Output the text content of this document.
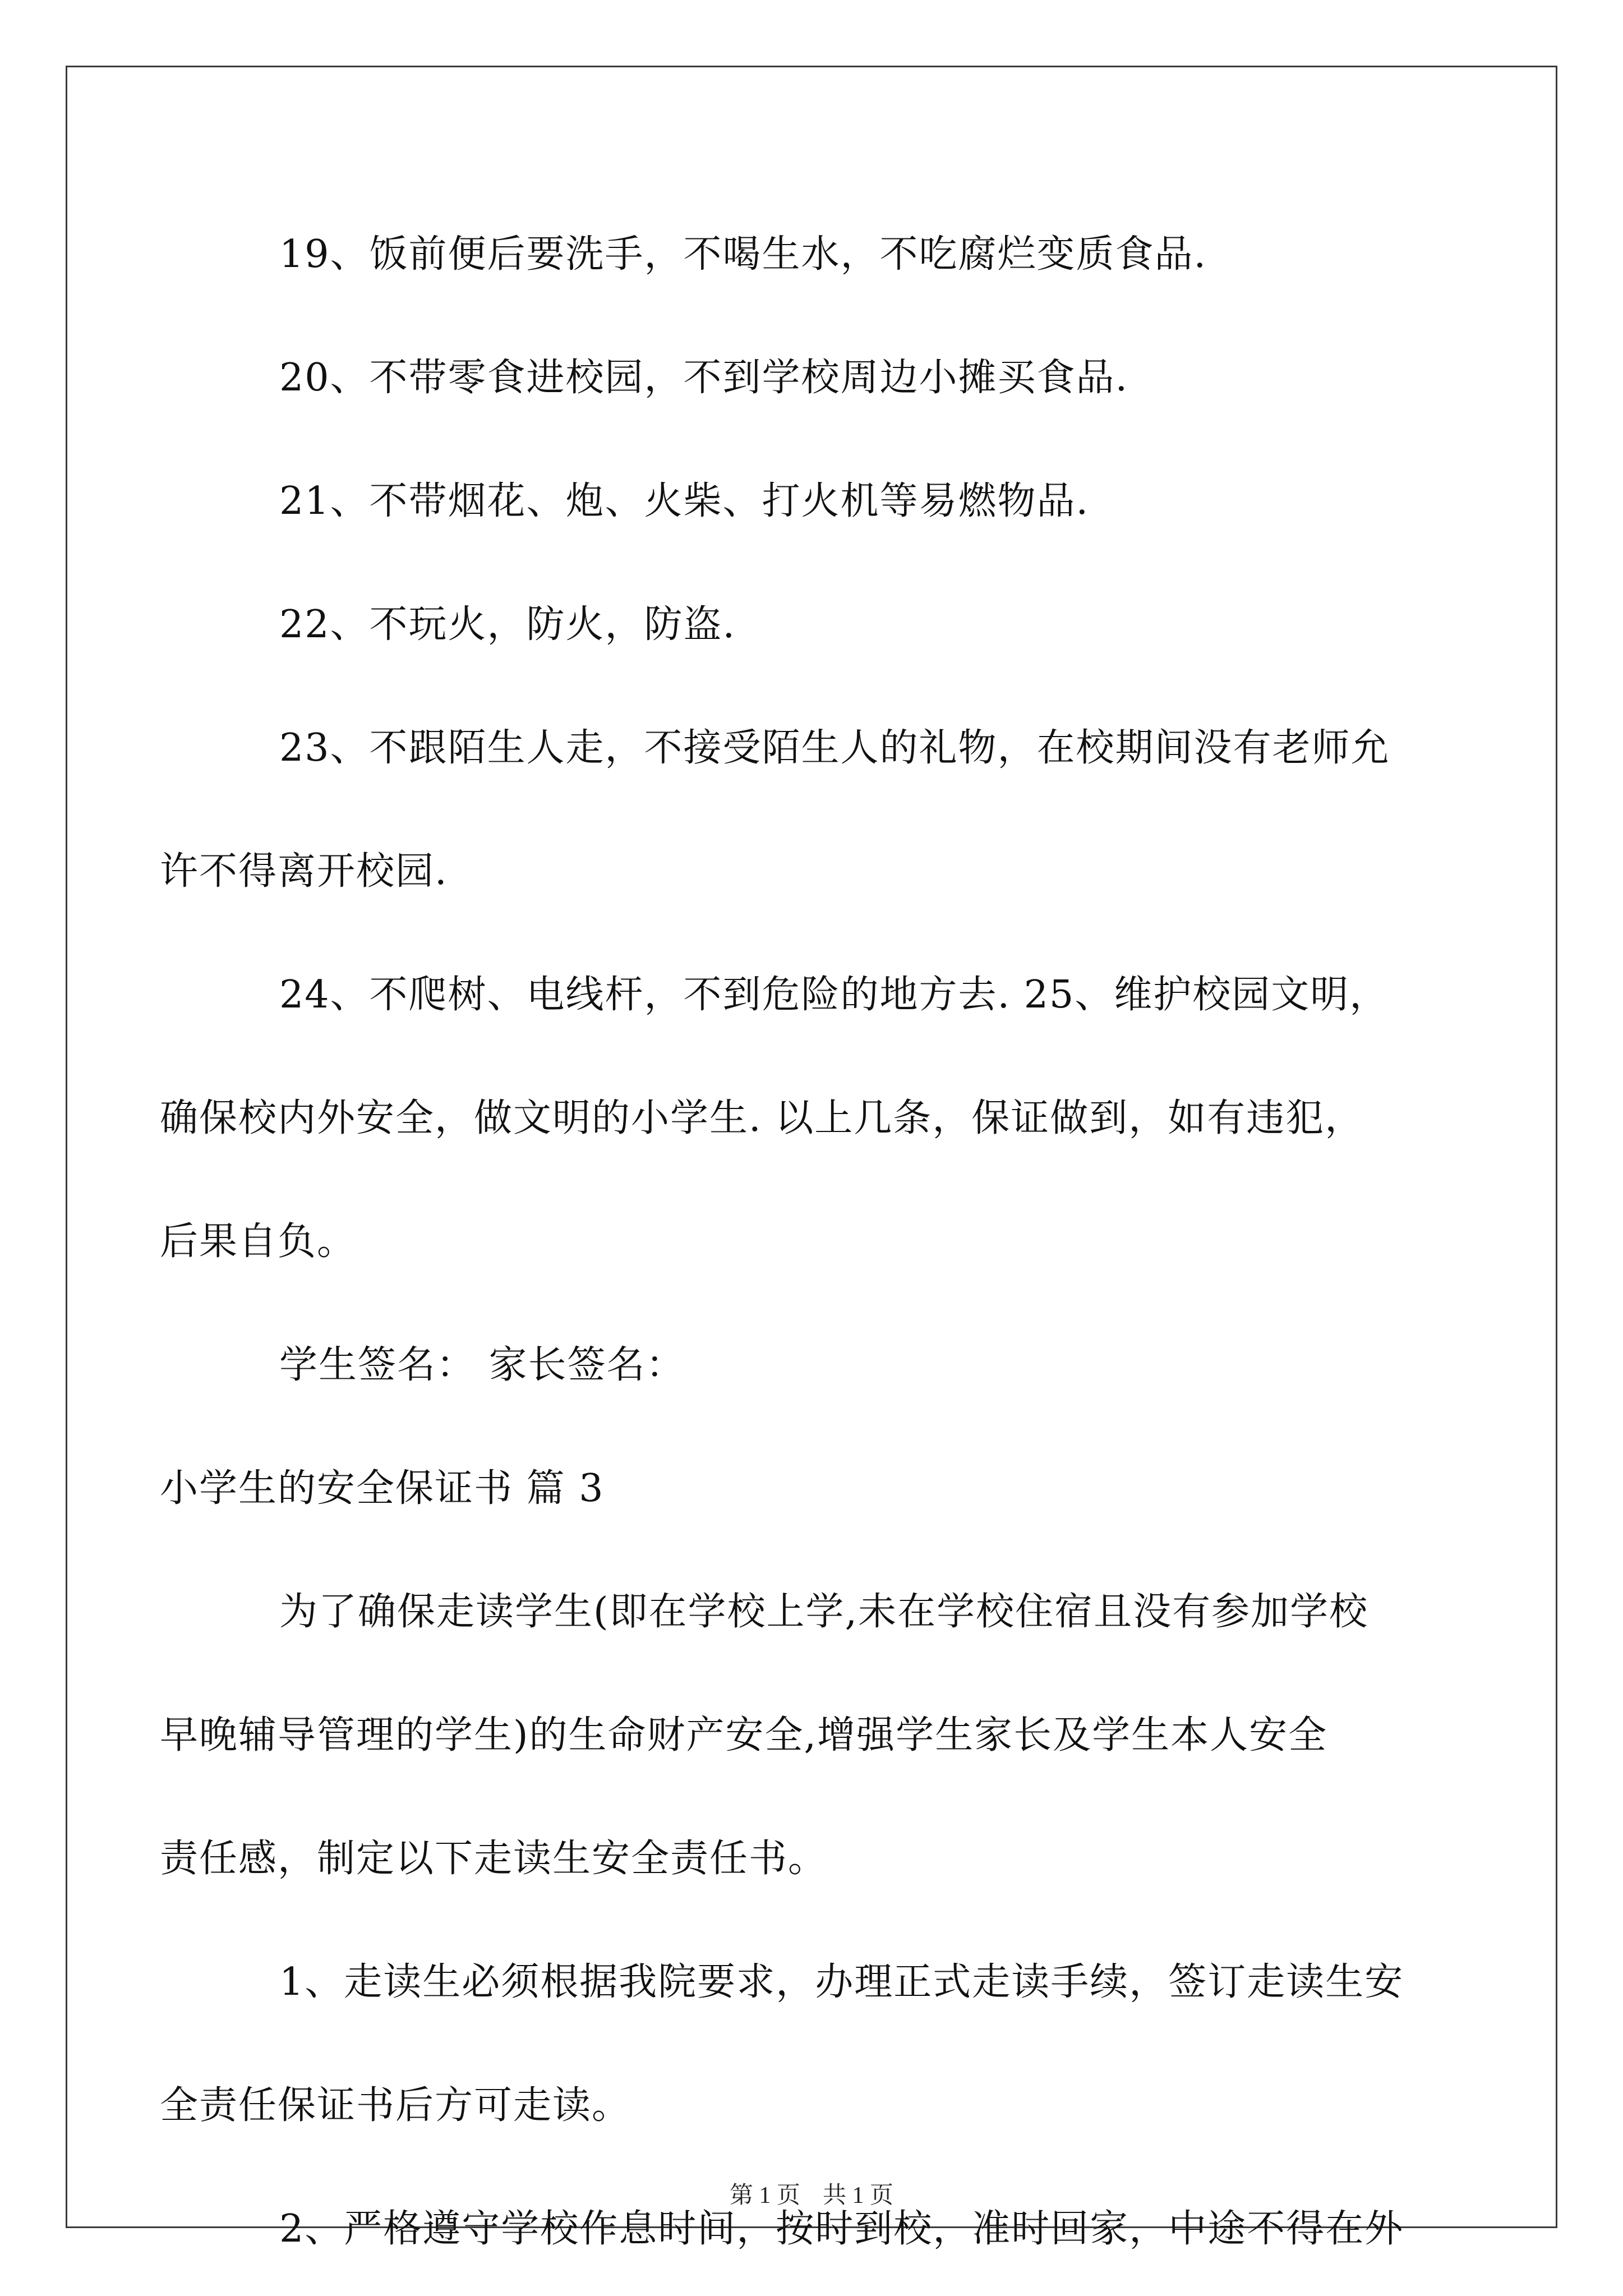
19、饭前便后要洗手，不喝生水，不吃腐烂变质食品.
20、不带零食进校园，不到学校周边小摊买食品.
21、不带烟花、炮、火柴、打火机等易燃物品.
22、不玩火，防火，防盗.
23、不跟陌生人走，不接受陌生人的礼物，在校期间没有老师允
许不得离开校园.
24、不爬树、电线杆，不到危险的地方去. 25、维护校园文明，
确保校内外安全，做文明的小学生. 以上几条，保证做到，如有违犯，
后果自负。
学生签名： 家长签名：
小学生的安全保证书 篇 3
为了确保走读学生(即在学校上学,未在学校住宿且没有参加学校
早晚辅导管理的学生)的生命财产安全,增强学生家长及学生本人安全
责任感，制定以下走读生安全责任书。
1、走读生必须根据我院要求，办理正式走读手续，签订走读生安
全责任保证书后方可走读。
2、严格遵守学校作息时间，按时到校，准时回家，中途不得在外
第 1 页 共 1 页
